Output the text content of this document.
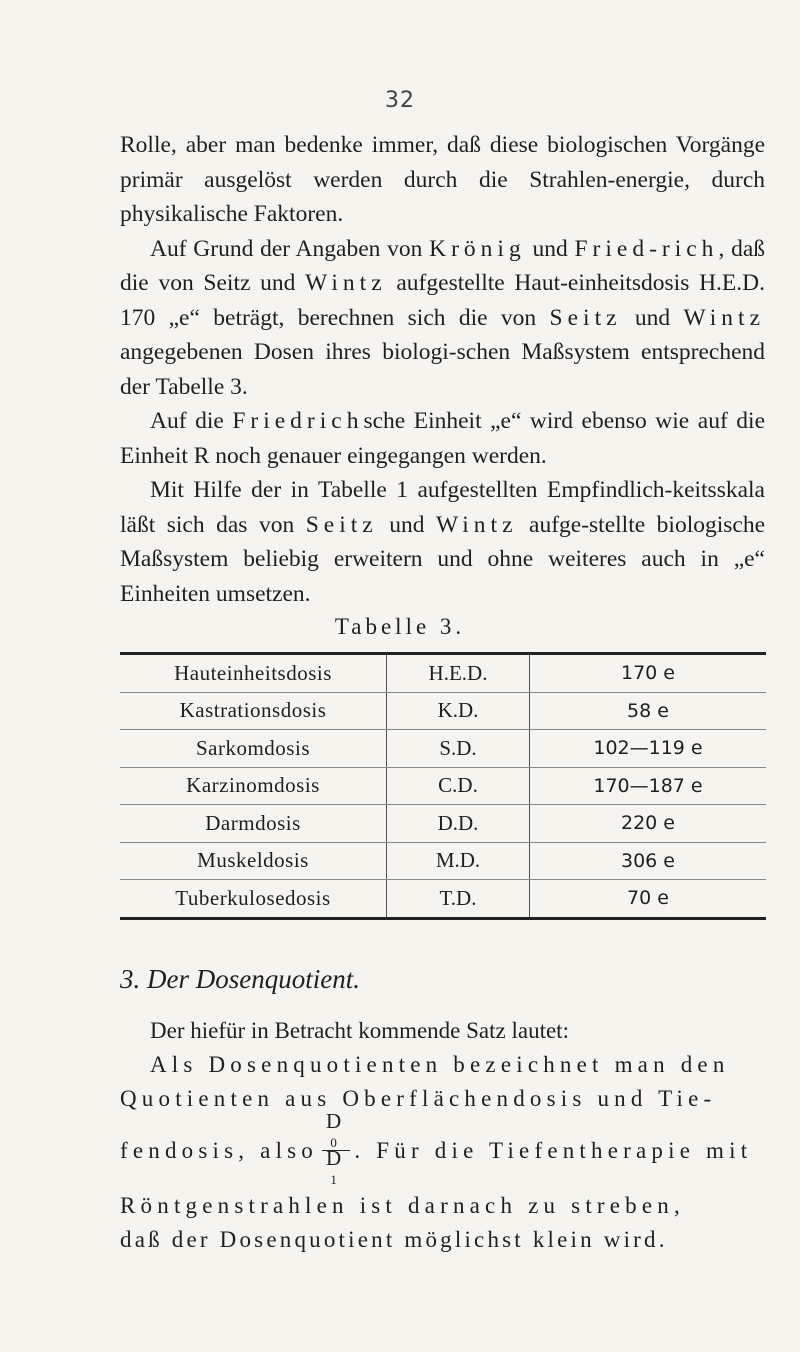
32

Rolle, aber man bedenke immer, daß diese biologischen Vorgänge primär ausgelöst werden durch die Strahlen-energie, durch physikalische Faktoren.

Auf Grund der Angaben von Krönig und Fried-rich, daß die von Seitz und Wintz aufgestellte Haut-einheitsdosis H.E.D. 170 „e“ beträgt, berechnen sich die von Seitz und Wintz angegebenen Dosen ihres biologi-schen Maßsystem entsprechend der Tabelle 3.

Auf die Friedrichsche Einheit „e“ wird ebenso wie auf die Einheit R noch genauer eingegangen werden.

Mit Hilfe der in Tabelle 1 aufgestellten Empfindlich-keitsskala läßt sich das von Seitz und Wintz aufge-stellte biologische Maßsystem beliebig erweitern und ohne weiteres auch in „e“ Einheiten umsetzen.

Tabelle 3.
Hauteinheitsdosis	H.E.D.	170 e
Kastrationsdosis	K.D.	58 e
Sarkomdosis	S.D.	102—119 e
Karzinomdosis	C.D.	170—187 e
Darmdosis	D.D.	220 e
Muskeldosis	M.D.	306 e
Tuberkulosedosis	T.D.	70 e
3. Der Dosenquotient.
Der hiefür in Betracht kommende Satz lautet:
Als Dosenquotienten bezeichnet man den
Quotienten aus Oberflächendosis und Tie-
fendosis, also D
$_0$
D
$_1$ . Für die Tiefentherapie mit
Röntgenstrahlen ist darnach zu streben,
daß der Dosenquotient möglichst klein wird.
